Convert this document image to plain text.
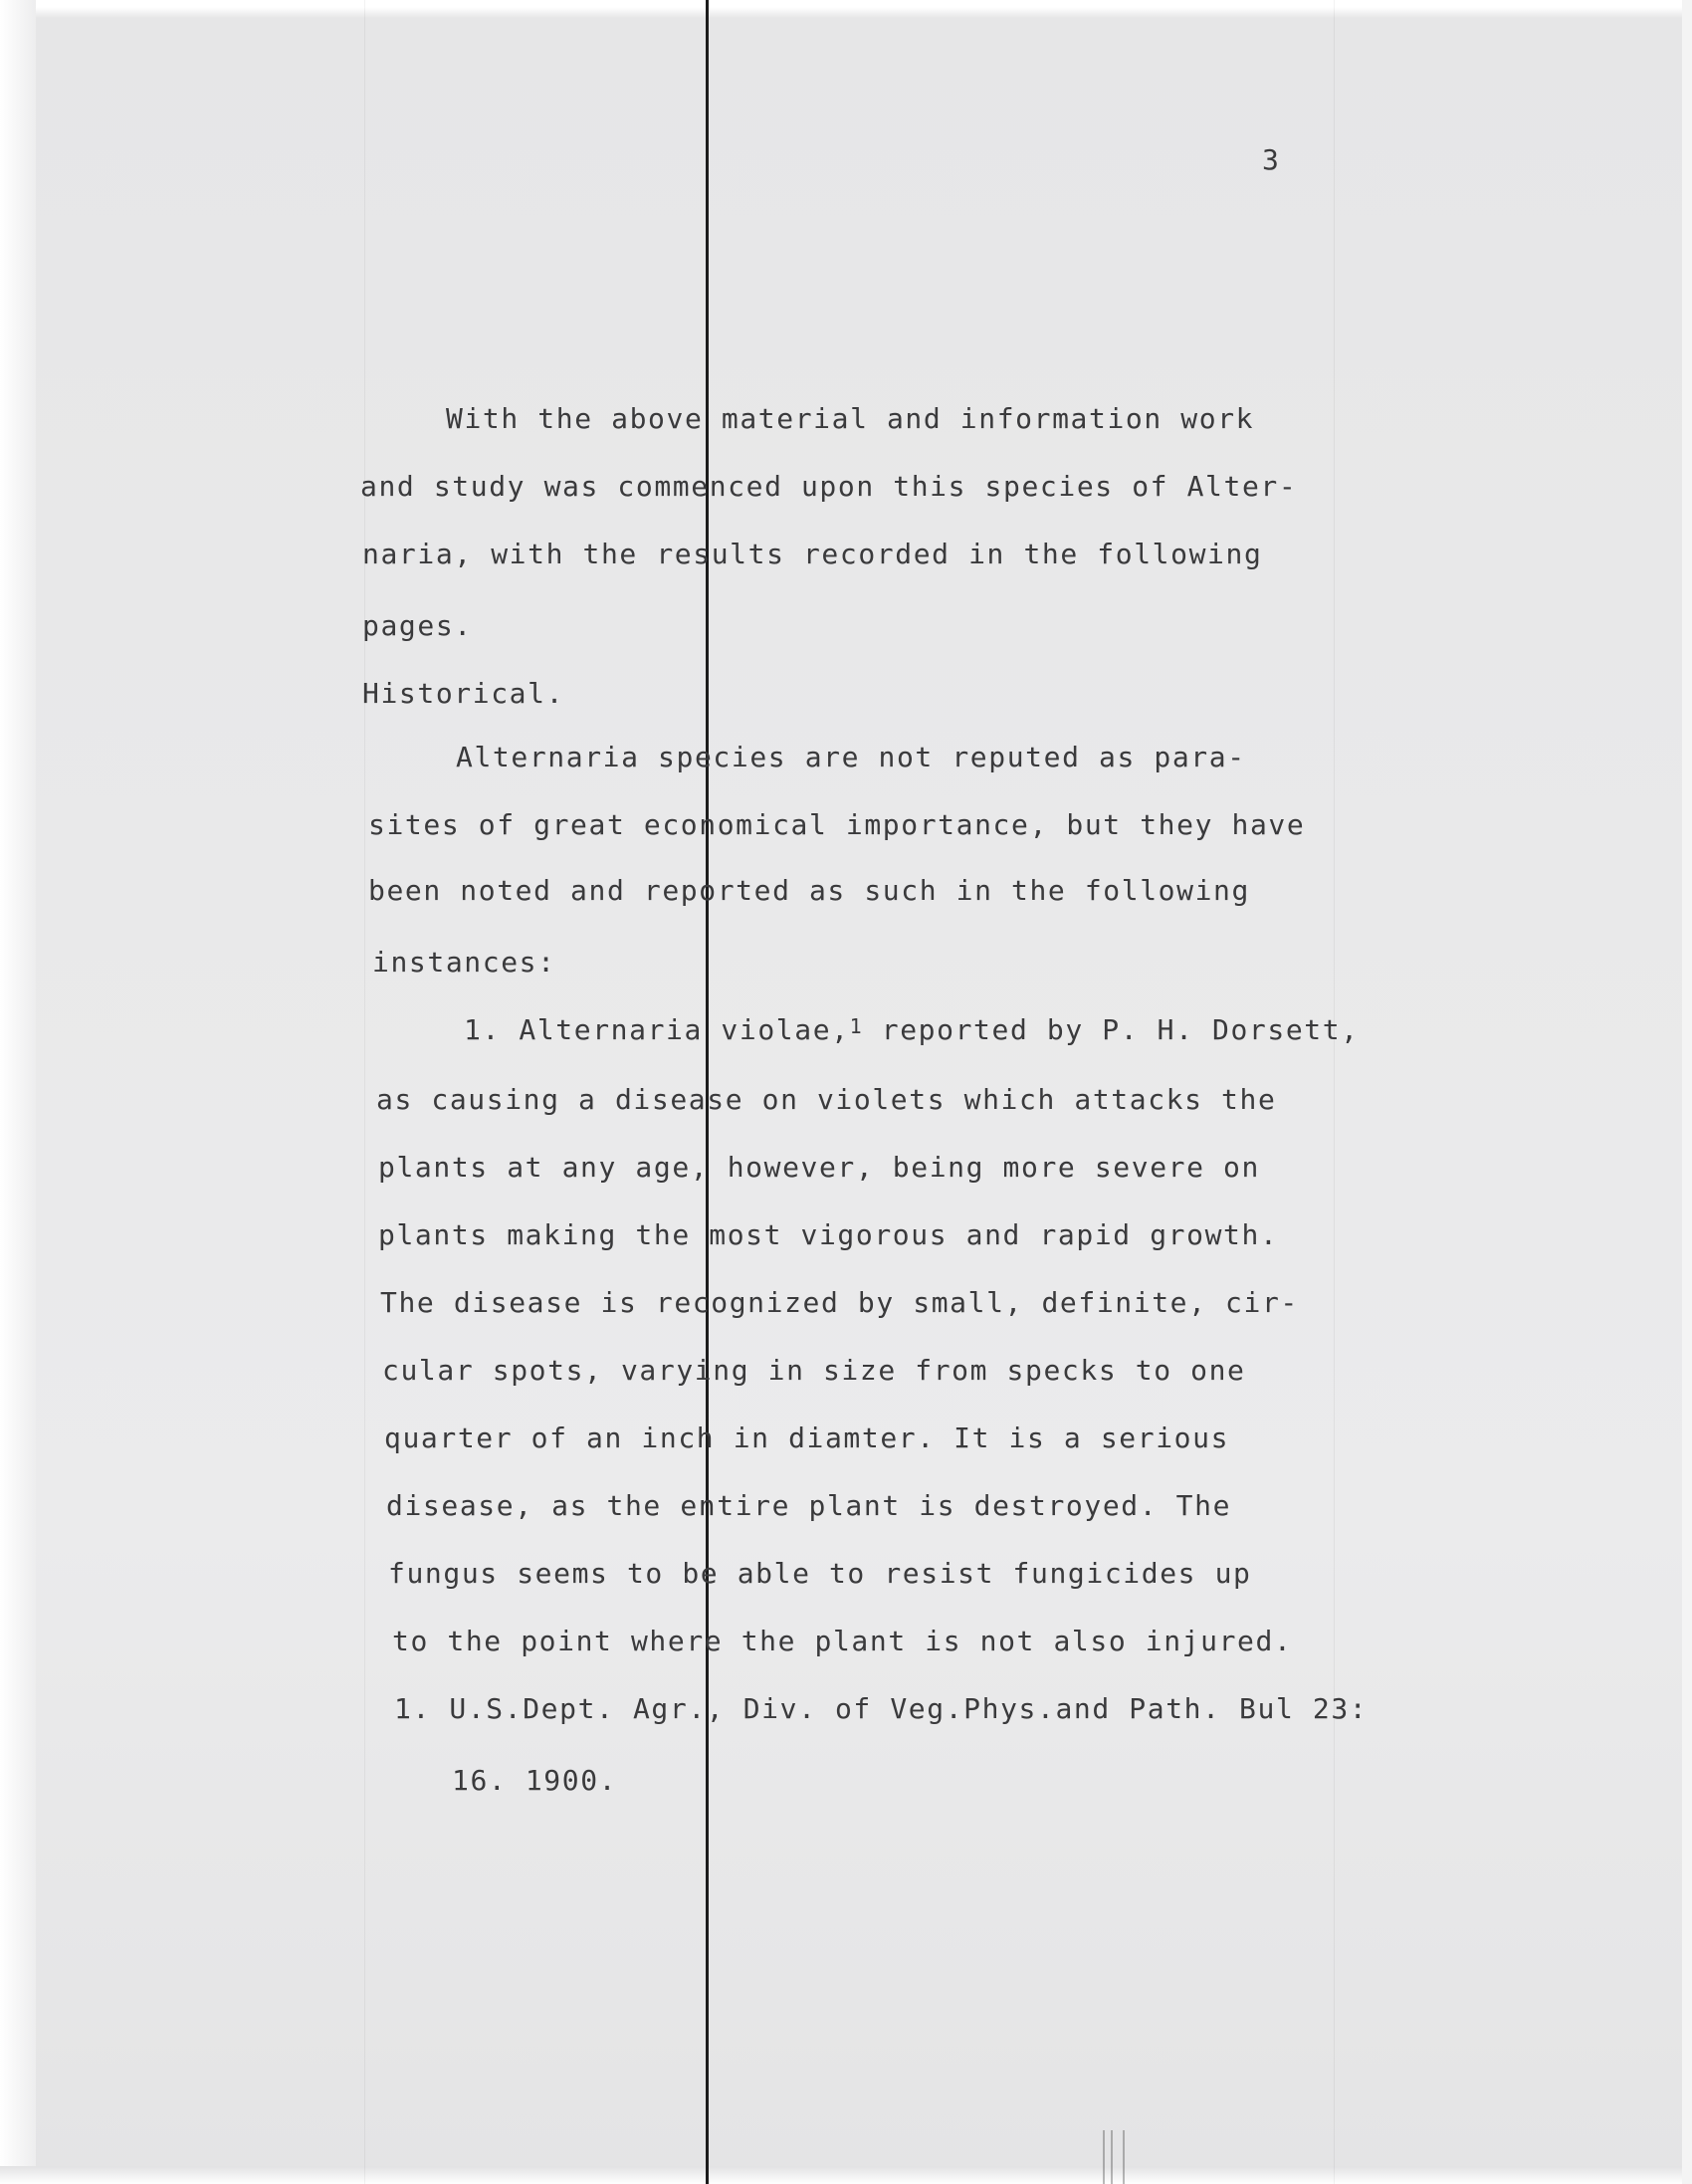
3
With the above material and information work
and study was commenced upon this species of Alter-
naria, with the results recorded in the following
pages.
Historical.
Alternaria species are not reputed as para-
sites of great economical importance, but they have
been noted and reported as such in the following
instances:
1. Alternaria violae,$^1$ reported by P. H. Dorsett,
as causing a disease on violets which attacks the
plants at any age, however, being more severe on
plants making the most vigorous and rapid growth.
The disease is recognized by small, definite, cir-
cular spots, varying in size from specks to one
quarter of an inch in diamter. It is a serious
disease, as the entire plant is destroyed. The
fungus seems to be able to resist fungicides up
to the point where the plant is not also injured.
1. U.S.Dept. Agr., Div. of Veg.Phys.and Path. Bul 23:
16. 1900.
